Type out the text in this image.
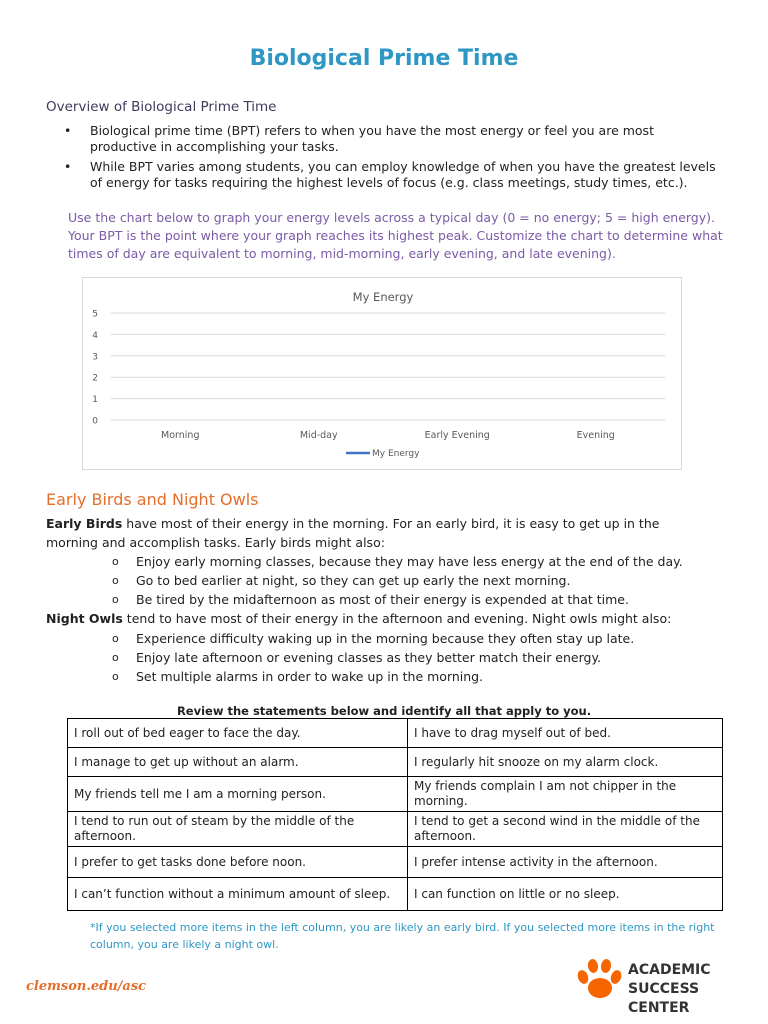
Biological Prime Time
Overview of Biological Prime Time
• Biological prime time (BPT) refers to when you have the most energy or feel you are most productive in accomplishing your tasks.
• While BPT varies among students, you can employ knowledge of when you have the greatest levels of energy for tasks requiring the highest levels of focus (e.g. class meetings, study times, etc.).
Use the chart below to graph your energy levels across a typical day (0 = no energy; 5 = high energy). Your BPT is the point where your graph reaches its highest peak. Customize the chart to determine what times of day are equivalent to morning, mid-morning, early evening, and late evening).
My Energy
0
1
2
3
4
5
Morning	Mid-day	Early Evening	Evening
My Energy
Early Birds and Night Owls
Early Birds have most of their energy in the morning. For an early bird, it is easy to get up in the
morning and accomplish tasks. Early birds might also:
o Enjoy early morning classes, because they may have less energy at the end of the day.
o Go to bed earlier at night, so they can get up early the next morning.
o Be tired by the midafternoon as most of their energy is expended at that time.
Night Owls tend to have most of their energy in the afternoon and evening. Night owls might also:
o Experience difficulty waking up in the morning because they often stay up late.
o Enjoy late afternoon or evening classes as they better match their energy.
o Set multiple alarms in order to wake up in the morning.
Review the statements below and identify all that apply to you.
I roll out of bed eager to face the day.	I have to drag myself out of bed.
I manage to get up without an alarm.	I regularly hit snooze on my alarm clock.
My friends tell me I am a morning person.	My friends complain I am not chipper in the morning.
I tend to run out of steam by the middle of the afternoon.	I tend to get a second wind in the middle of the afternoon.
I prefer to get tasks done before noon.	I prefer intense activity in the afternoon.
I can’t function without a minimum amount of sleep.	I can function on little or no sleep.
*If you selected more items in the left column, you are likely an early bird. If you selected more items in the right column, you are likely a night owl.
clemson.edu/asc
ACADEMIC
SUCCESS CENTER
